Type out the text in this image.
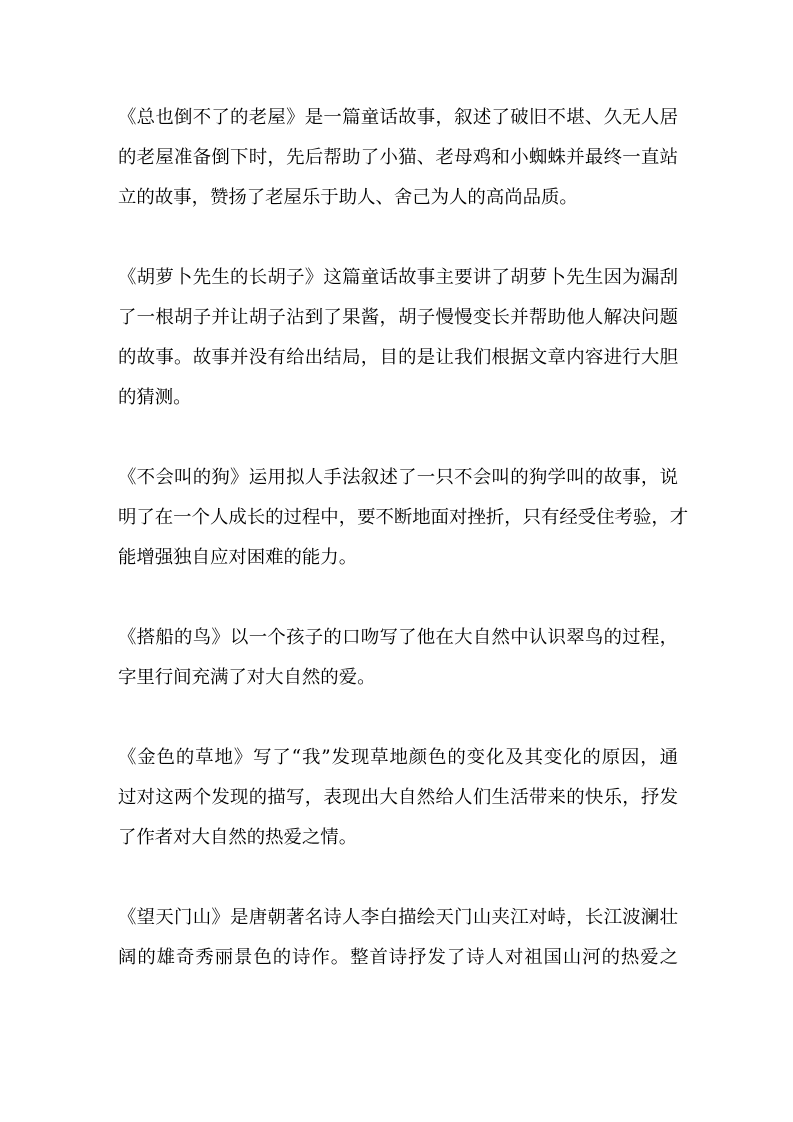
《总也倒不了的老屋》是一篇童话故事，叙述了破旧不堪、久无人居
的老屋准备倒下时，先后帮助了小猫、老母鸡和小蜘蛛并最终一直站
立的故事，赞扬了老屋乐于助人、舍己为人的高尚品质。

《胡萝卜先生的长胡子》这篇童话故事主要讲了胡萝卜先生因为漏刮
了一根胡子并让胡子沾到了果酱，胡子慢慢变长并帮助他人解决问题
的故事。故事并没有给出结局，目的是让我们根据文章内容进行大胆
的猜测。

《不会叫的狗》运用拟人手法叙述了一只不会叫的狗学叫的故事，说
明了在一个人成长的过程中，要不断地面对挫折，只有经受住考验，才
能增强独自应对困难的能力。

《搭船的鸟》以一个孩子的口吻写了他在大自然中认识翠鸟的过程，
字里行间充满了对大自然的爱。

《金色的草地》写了“我”发现草地颜色的变化及其变化的原因，通
过对这两个发现的描写，表现出大自然给人们生活带来的快乐，抒发
了作者对大自然的热爱之情。

《望天门山》是唐朝著名诗人李白描绘天门山夹江对峙，长江波澜壮
阔的雄奇秀丽景色的诗作。整首诗抒发了诗人对祖国山河的热爱之
